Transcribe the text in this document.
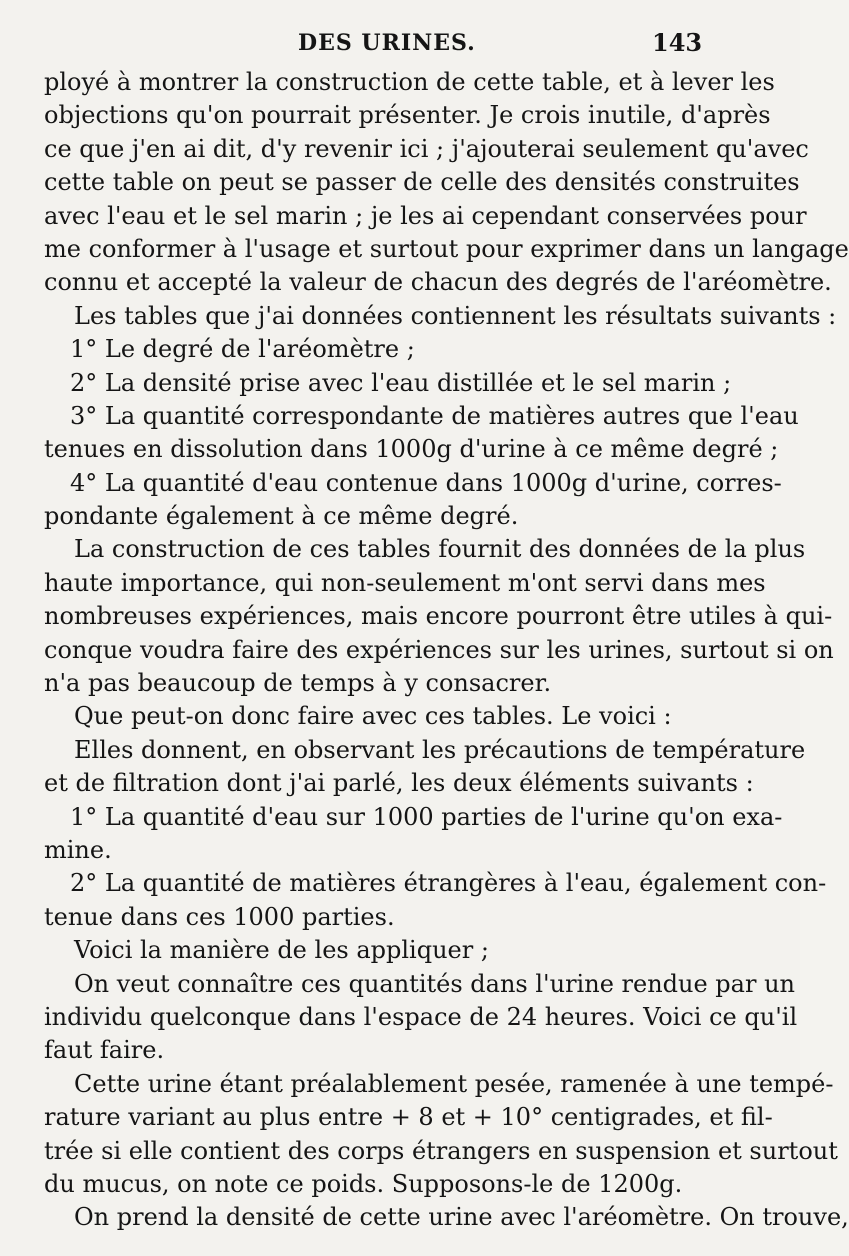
DES URINES.	143
ployé à montrer la construction de cette table, et à lever les
objections qu'on pourrait présenter. Je crois inutile, d'après
ce que j'en ai dit, d'y revenir ici ; j'ajouterai seulement qu'avec
cette table on peut se passer de celle des densités construites
avec l'eau et le sel marin ; je les ai cependant conservées pour
me conformer à l'usage et surtout pour exprimer dans un langage
connu et accepté la valeur de chacun des degrés de l'aréomètre.
Les tables que j'ai données contiennent les résultats suivants :
1° Le degré de l'aréomètre ;
2° La densité prise avec l'eau distillée et le sel marin ;
3° La quantité correspondante de matières autres que l'eau
tenues en dissolution dans 1000g d'urine à ce même degré ;
4° La quantité d'eau contenue dans 1000g d'urine, corres-
pondante également à ce même degré.
La construction de ces tables fournit des données de la plus
haute importance, qui non-seulement m'ont servi dans mes
nombreuses expériences, mais encore pourront être utiles à qui-
conque voudra faire des expériences sur les urines, surtout si on
n'a pas beaucoup de temps à y consacrer.
Que peut-on donc faire avec ces tables. Le voici :
Elles donnent, en observant les précautions de température
et de filtration dont j'ai parlé, les deux éléments suivants :
1° La quantité d'eau sur 1000 parties de l'urine qu'on exa-
mine.
2° La quantité de matières étrangères à l'eau, également con-
tenue dans ces 1000 parties.
Voici la manière de les appliquer ;
On veut connaître ces quantités dans l'urine rendue par un
individu quelconque dans l'espace de 24 heures. Voici ce qu'il
faut faire.
Cette urine étant préalablement pesée, ramenée à une tempé-
rature variant au plus entre + 8 et + 10° centigrades, et fil-
trée si elle contient des corps étrangers en suspension et surtout
du mucus, on note ce poids. Supposons-le de 1200g.
On prend la densité de cette urine avec l'aréomètre. On trouve,
